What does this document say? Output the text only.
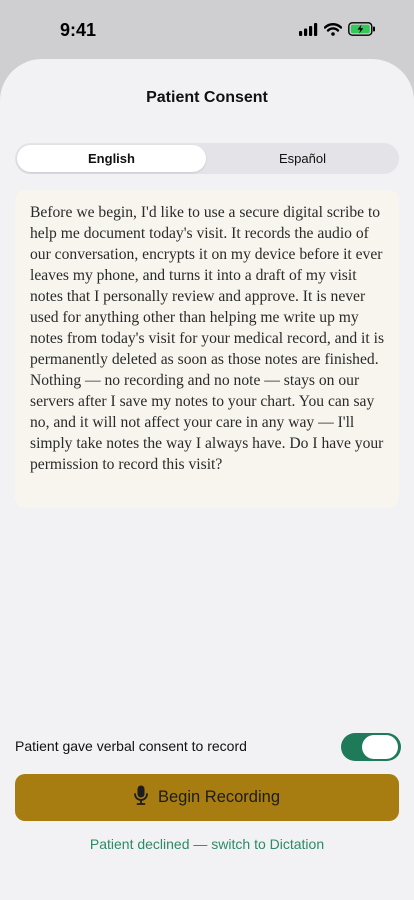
9:41
Patient Consent
English	Español

Before we begin, I'd like to use a secure digital scribe to help me document today's visit. It records the audio of our conversation, encrypts it on my device before it ever leaves my phone, and turns it into a draft of my visit notes that I personally review and approve. It is never used for anything other than helping me write up my notes from today's visit for your medical record, and it is permanently deleted as soon as those notes are finished. Nothing — no recording and no note — stays on our servers after I save my notes to your chart. You can say no, and it will not affect your care in any way — I'll simply take notes the way I always have. Do I have your permission to record this visit?

Patient gave verbal consent to record
Begin Recording
Patient declined — switch to Dictation
